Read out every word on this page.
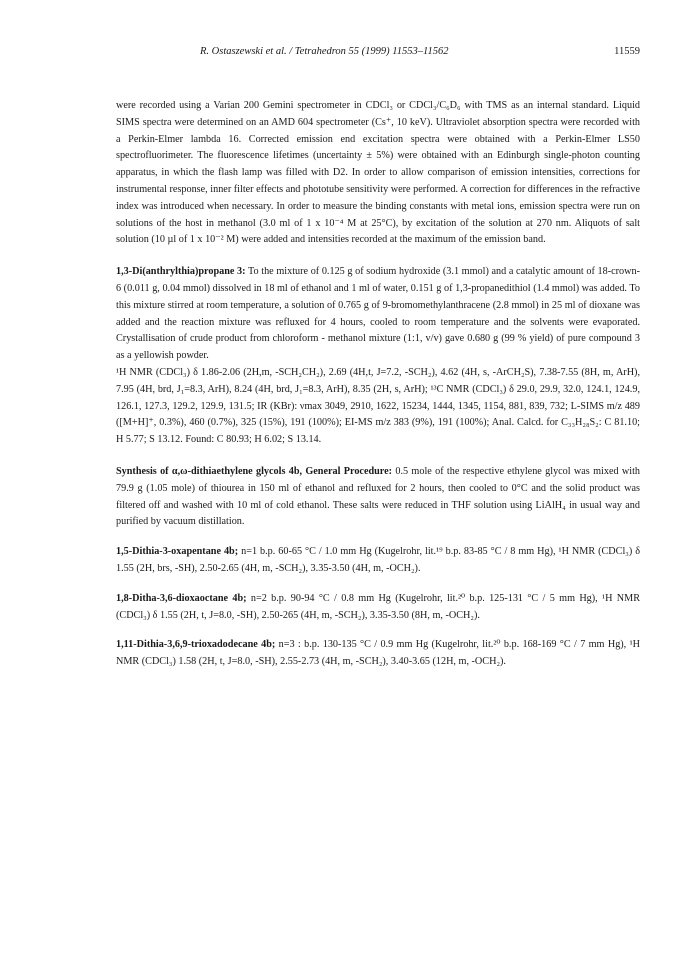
R. Ostaszewski et al. / Tetrahedron 55 (1999) 11553–11562	11559

were recorded using a Varian 200 Gemini spectrometer in CDCl₃ or CDCl₃/C₆D₆ with TMS as an internal standard. Liquid SIMS spectra were determined on an AMD 604 spectrometer (Cs⁺, 10 keV). Ultraviolet absorption spectra were recorded with a Perkin-Elmer lambda 16. Corrected emission end excitation spectra were obtained with a Perkin-Elmer LS50 spectrofluorimeter. The fluorescence lifetimes (uncertainty ± 5%) were obtained with an Edinburgh single-photon counting apparatus, in which the flash lamp was filled with D2. In order to allow comparison of emission intensities, corrections for instrumental response, inner filter effects and phototube sensitivity were performed. A correction for differences in the refractive index was introduced when necessary. In order to measure the binding constants with metal ions, emission spectra were run on solutions of the host in methanol (3.0 ml of 1 x 10⁻⁴ M at 25°C), by excitation of the solution at 270 nm. Aliquots of salt solution (10 µl of 1 x 10⁻² M) were added and intensities recorded at the maximum of the emission band.

1,3-Di(anthrylthia)propane 3: To the mixture of 0.125 g of sodium hydroxide (3.1 mmol) and a catalytic amount of 18-crown-6 (0.011 g, 0.04 mmol) dissolved in 18 ml of ethanol and 1 ml of water, 0.151 g of 1,3-propanedithiol (1.4 mmol) was added. To this mixture stirred at room temperature, a solution of 0.765 g of 9-bromomethylanthracene (2.8 mmol) in 25 ml of dioxane was added and the reaction mixture was refluxed for 4 hours, cooled to room temperature and the solvents were evaporated. Crystallisation of crude product from chloroform - methanol mixture (1:1, v/v) gave 0.680 g (99 % yield) of pure compound 3 as a yellowish powder.

¹H NMR (CDCl₃) δ 1.86-2.06 (2H,m, -SCH₂CH₂), 2.69 (4H,t, J=7.2, -SCH₂), 4.62 (4H, s, -ArCH₂S), 7.38-7.55 (8H, m, ArH), 7.95 (4H, brd, J₁=8.3, ArH), 8.24 (4H, brd, J₁=8.3, ArH), 8.35 (2H, s, ArH); ¹³C NMR (CDCl₃) δ 29.0, 29.9, 32.0, 124.1, 124.9, 126.1, 127.3, 129.2, 129.9, 131.5; IR (KBr): νmax 3049, 2910, 1622, 15234, 1444, 1345, 1154, 881, 839, 732; L-SIMS m/z 489 ([M+H]⁺, 0.3%), 460 (0.7%), 325 (15%), 191 (100%); EI-MS m/z 383 (9%), 191 (100%); Anal. Calcd. for C₃₃H₂₈S₂: C 81.10; H 5.77; S 13.12. Found: C 80.93; H 6.02; S 13.14.

Synthesis of α,ω-dithiaethylene glycols 4b, General Procedure: 0.5 mole of the respective ethylene glycol was mixed with 79.9 g (1.05 mole) of thiourea in 150 ml of ethanol and refluxed for 2 hours, then cooled to 0°C and the solid product was filtered off and washed with 10 ml of cold ethanol. These salts were reduced in THF solution using LiAlH₄ in usual way and purified by vacuum distillation.

1,5-Dithia-3-oxapentane 4b; n=1 b.p. 60-65 °C / 1.0 mm Hg (Kugelrohr, lit.¹⁹ b.p. 83-85 °C / 8 mm Hg), ¹H NMR (CDCl₃) δ 1.55 (2H, brs, -SH), 2.50-2.65 (4H, m, -SCH₂), 3.35-3.50 (4H, m, -OCH₂).

1,8-Ditha-3,6-dioxaoctane 4b; n=2 b.p. 90-94 °C / 0.8 mm Hg (Kugelrohr, lit.²⁰ b.p. 125-131 °C / 5 mm Hg), ¹H NMR (CDCl₃) δ 1.55 (2H, t, J=8.0, -SH), 2.50-265 (4H, m, -SCH₂), 3.35-3.50 (8H, m, -OCH₂).

1,11-Dithia-3,6,9-trioxadodecane 4b; n=3 : b.p. 130-135 °C / 0.9 mm Hg (Kugelrohr, lit.²⁰ b.p. 168-169 °C / 7 mm Hg), ¹H NMR (CDCl₃) 1.58 (2H, t, J=8.0, -SH), 2.55-2.73 (4H, m, -SCH₂), 3.40-3.65 (12H, m, -OCH₂).
